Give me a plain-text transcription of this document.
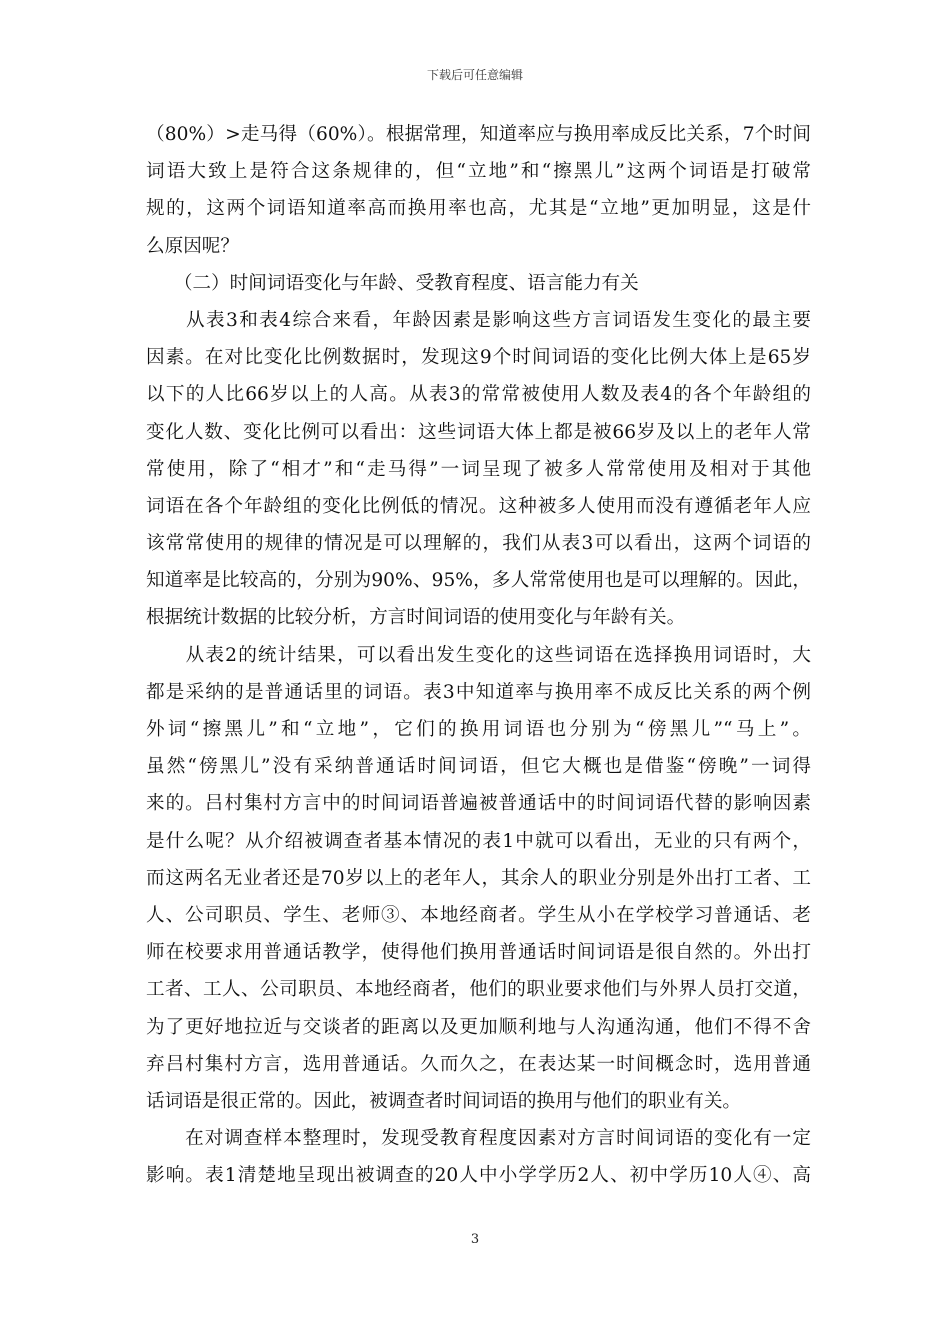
下载后可任意编辑
（80%）>走马得（60%）。根据常理，知道率应与换用率成反比关系，7个时间
词语大致上是符合这条规律的，但“立地”和“擦黑儿”这两个词语是打破常
规的，这两个词语知道率高而换用率也高，尤其是“立地”更加明显，这是什
么原因呢？
　　（二）时间词语变化与年龄、受教育程度、语言能力有关
　　从表3和表4综合来看，年龄因素是影响这些方言词语发生变化的最主要
因素。在对比变化比例数据时，发现这9个时间词语的变化比例大体上是65岁
以下的人比66岁以上的人高。从表3的常常被使用人数及表4的各个年龄组的
变化人数、变化比例可以看出：这些词语大体上都是被66岁及以上的老年人常
常使用，除了“相才”和“走马得”一词呈现了被多人常常使用及相对于其他
词语在各个年龄组的变化比例低的情况。这种被多人使用而没有遵循老年人应
该常常使用的规律的情况是可以理解的，我们从表3可以看出，这两个词语的
知道率是比较高的，分别为90%、95%，多人常常使用也是可以理解的。因此，
根据统计数据的比较分析，方言时间词语的使用变化与年龄有关。
　　从表2的统计结果，可以看出发生变化的这些词语在选择换用词语时，大
都是采纳的是普通话里的词语。表3中知道率与换用率不成反比关系的两个例
外词“擦黑儿”和“立地”，它们的换用词语也分别为“傍黑儿”“马上”。
虽然“傍黑儿”没有采纳普通话时间词语，但它大概也是借鉴“傍晚”一词得
来的。吕村集村方言中的时间词语普遍被普通话中的时间词语代替的影响因素
是什么呢？从介绍被调查者基本情况的表1中就可以看出，无业的只有两个，
而这两名无业者还是70岁以上的老年人，其余人的职业分别是外出打工者、工
人、公司职员、学生、老师③、本地经商者。学生从小在学校学习普通话、老
师在校要求用普通话教学，使得他们换用普通话时间词语是很自然的。外出打
工者、工人、公司职员、本地经商者，他们的职业要求他们与外界人员打交道，
为了更好地拉近与交谈者的距离以及更加顺利地与人沟通沟通，他们不得不舍
弃吕村集村方言，选用普通话。久而久之，在表达某一时间概念时，选用普通
话词语是很正常的。因此，被调查者时间词语的换用与他们的职业有关。
　　在对调查样本整理时，发现受教育程度因素对方言时间词语的变化有一定
影响。表1清楚地呈现出被调查的20人中小学学历2人、初中学历10人④、高
3
